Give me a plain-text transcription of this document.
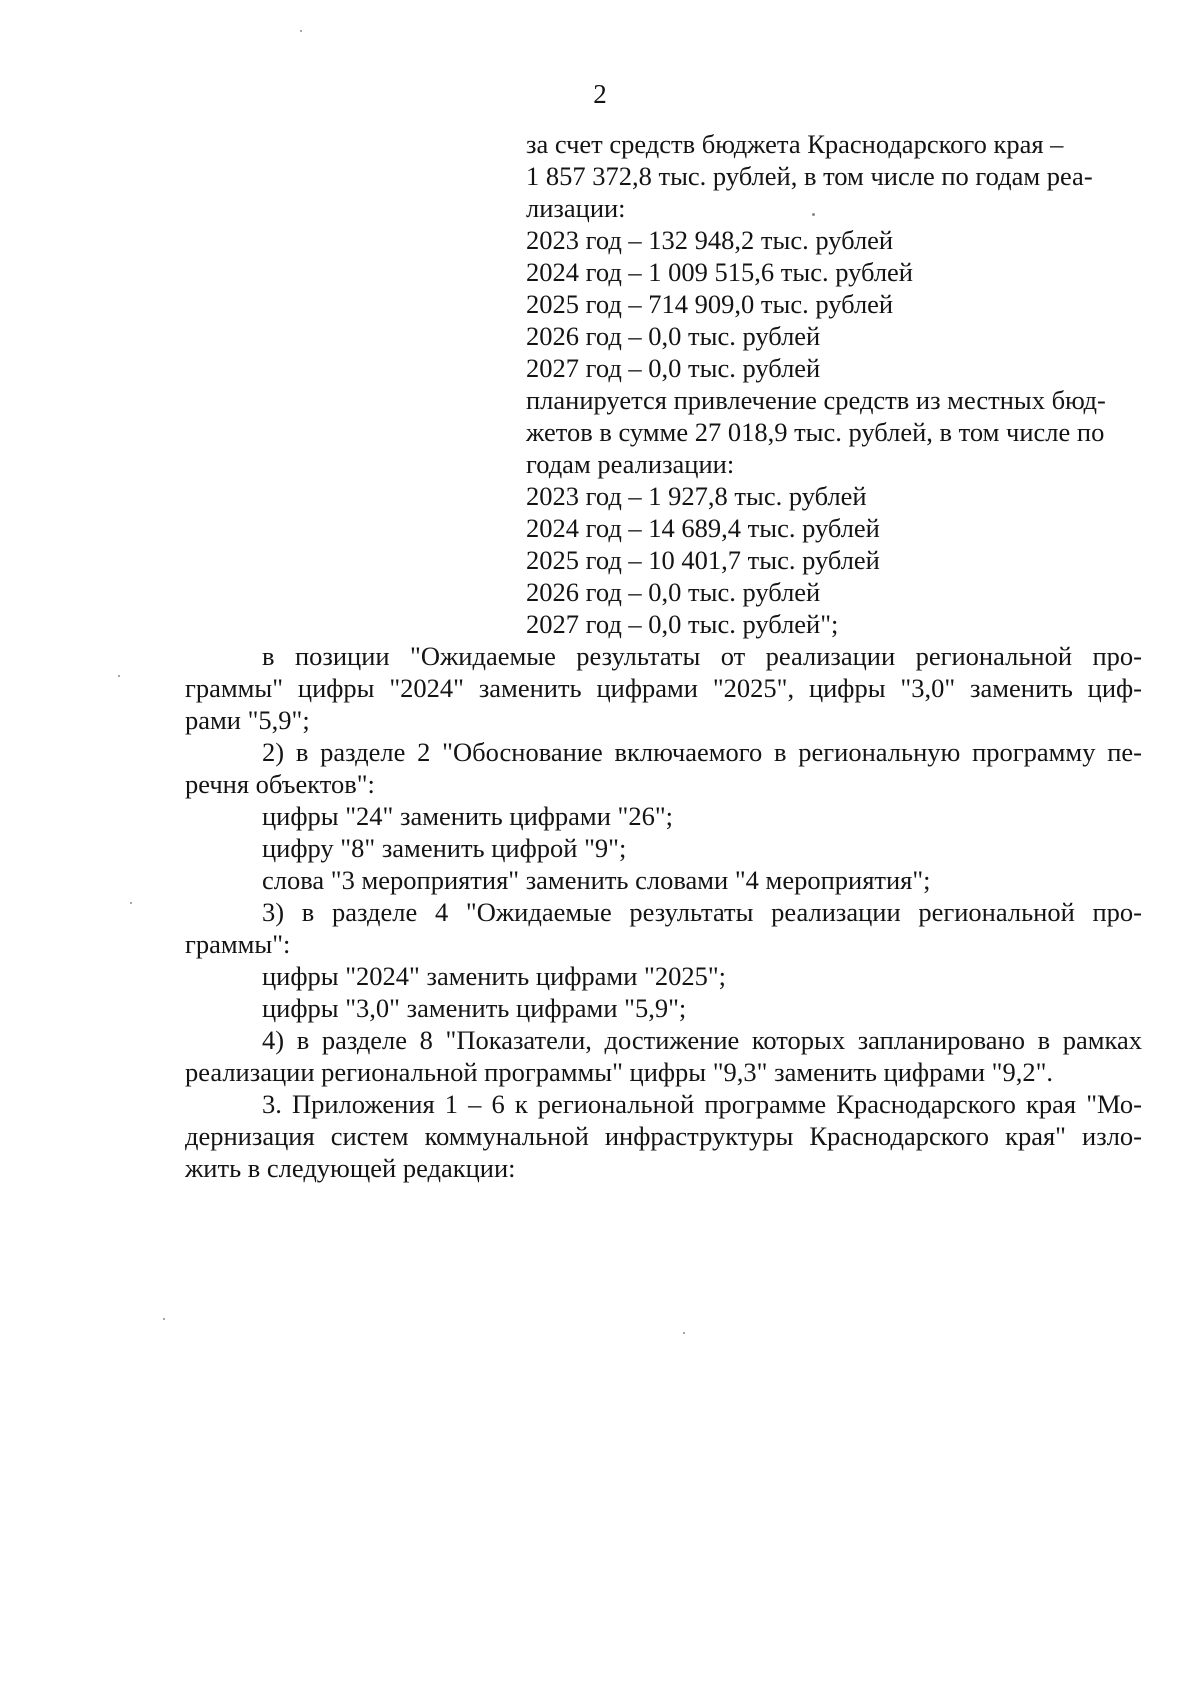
2
за счет средств бюджета Краснодарского края –
1 857 372,8 тыс. рублей, в том числе по годам реа-
лизации:
2023 год – 132 948,2 тыс. рублей
2024 год – 1 009 515,6 тыс. рублей
2025 год – 714 909,0 тыс. рублей
2026 год – 0,0 тыс. рублей
2027 год – 0,0 тыс. рублей
планируется привлечение средств из местных бюд-
жетов в сумме 27 018,9 тыс. рублей, в том числе по
годам реализации:
2023 год – 1 927,8 тыс. рублей
2024 год – 14 689,4 тыс. рублей
2025 год – 10 401,7 тыс. рублей
2026 год – 0,0 тыс. рублей
2027 год – 0,0 тыс. рублей";
в позиции "Ожидаемые результаты от реализации региональной про-
граммы" цифры "2024" заменить цифрами "2025", цифры "3,0" заменить циф-
рами "5,9";
2) в разделе 2 "Обоснование включаемого в региональную программу пе-
речня объектов":
цифры "24" заменить цифрами "26";
цифру "8" заменить цифрой "9";
слова "3 мероприятия" заменить словами "4 мероприятия";
3) в разделе 4 "Ожидаемые результаты реализации региональной про-
граммы":
цифры "2024" заменить цифрами "2025";
цифры "3,0" заменить цифрами "5,9";
4) в разделе 8 "Показатели, достижение которых запланировано в рамках
реализации региональной программы" цифры "9,3" заменить цифрами "9,2".
3. Приложения 1 – 6 к региональной программе Краснодарского края "Мо-
дернизация систем коммунальной инфраструктуры Краснодарского края" изло-
жить в следующей редакции:
